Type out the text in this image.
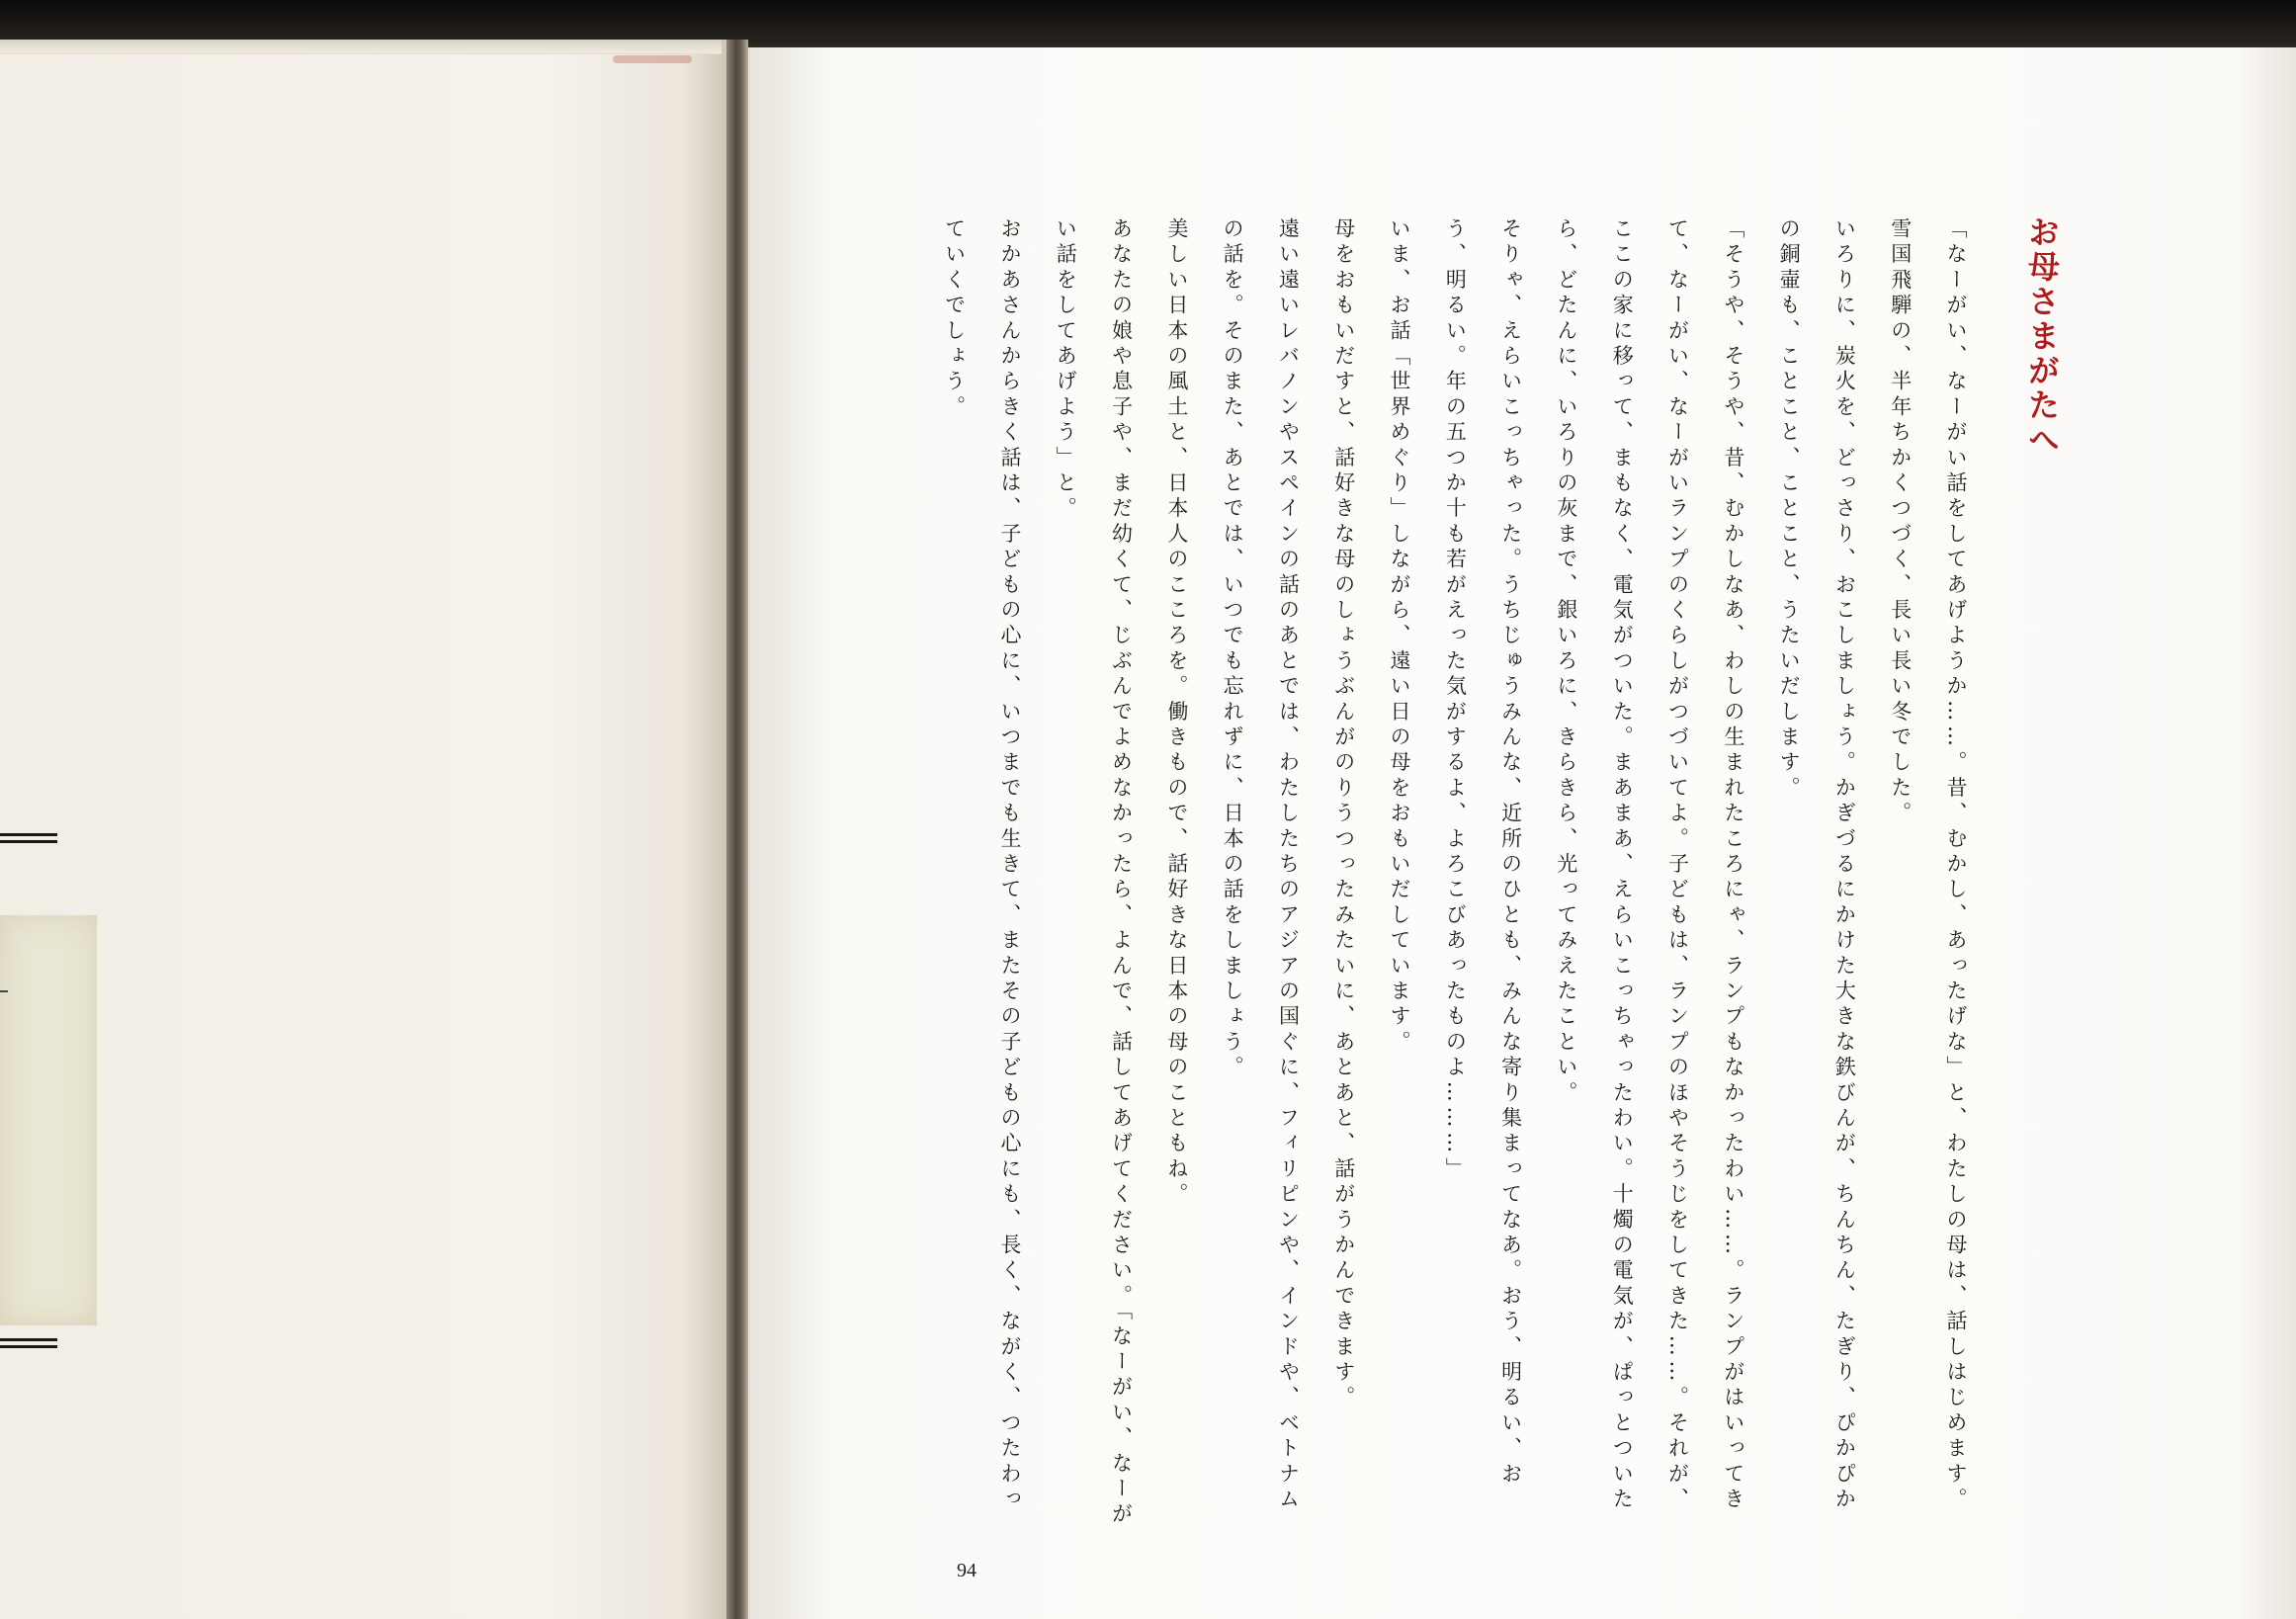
お母さまがたへ

「なーがい、なーがい話をしてあげようか……。昔、むかし、あったげな」と、わたしの母は、話しはじめます。

雪国飛騨の、半年ちかくつづく、長い長い冬でした。

いろりに、炭火を、どっさり、おこしましょう。かぎづるにかけた大きな鉄びんが、ちんちん、たぎり、ぴかぴかの銅壷も、ことこと、ことこと、うたいだします。

「そうや、そうや、昔、むかしなあ、わしの生まれたころにゃ、ランプもなかったわい……。ランプがはいってきて、なーがい、なーがいランプのくらしがつづいてよ。子どもは、ランプのほやそうじをしてきた……。それが、ここの家に移って、まもなく、電気がついた。まあまあ、えらいこっちゃったわい。十燭の電気が、ぱっとついたら、どたんに、いろりの灰まで、銀いろに、きらきら、光ってみえたことい。

そりゃ、えらいこっちゃった。うちじゅうみんな、近所のひとも、みんな寄り集まってなあ。おう、明るい、おう、明るい。年の五つか十も若がえった気がするよ、よろこびあったものよ………」

いま、お話「世界めぐり」しながら、遠い日の母をおもいだしています。

母をおもいだすと、話好きな母のしょうぶんがのりうつったみたいに、あとあと、話がうかんできます。

遠い遠いレバノンやスペインの話のあとでは、わたしたちのアジアの国ぐに、フィリピンや、インドや、ベトナムの話を。そのまた、あとでは、いつでも忘れずに、日本の話をしましょう。

美しい日本の風土と、日本人のこころを。働きもので、話好きな日本の母のこともね。

あなたの娘や息子や、まだ幼くて、じぶんでよめなかったら、よんで、話してあげてください。「なーがい、なーがい話をしてあげよう」と。

おかあさんからきく話は、子どもの心に、いつまでも生きて、またその子どもの心にも、長く、ながく、つたわっていくでしょう。

94
